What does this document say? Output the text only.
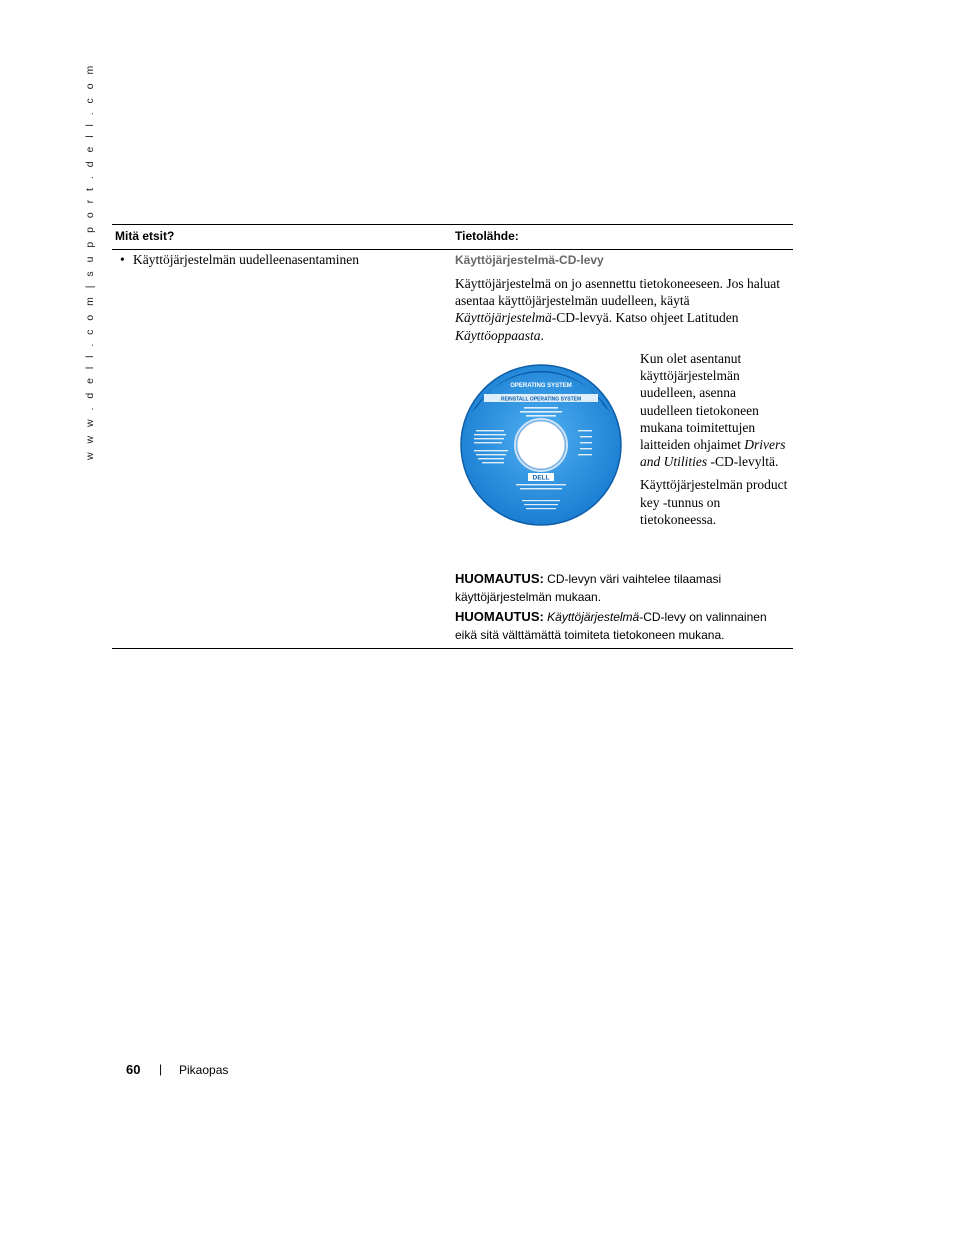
w w w . d e l l . c o m | s u p p o r t . d e l l . c o m Mitä etsit?	Tietolähde:
• Käyttöjärjestelmän uudelleenasentaminen	Käyttöjärjestelmä-CD-levy

Käyttöjärjestelmä on jo asennettu tietokoneeseen. Jos haluat asentaa käyttöjärjestelmän uudelleen, käytä Käyttöjärjestelmä-CD-levyä. Katso ohjeet Latituden Käyttöoppaasta.

OPERATING SYSTEM
REINSTALL OPERATING SYSTEM
DELL

Kun olet asentanut käyttöjärjestelmän uudelleen, asenna uudelleen tietokoneen mukana toimitettujen laitteiden ohjaimet Drivers and Utilities -CD-levyltä.

Käyttöjärjestelmän product key -tunnus on tietokoneessa.

HUOMAUTUS: CD-levyn väri vaihtelee tilaamasi käyttöjärjestelmän mukaan.
HUOMAUTUS: Käyttöjärjestelmä-CD-levy on valinnainen eikä sitä välttämättä toimiteta tietokoneen mukana.
60 | Pikaopas
